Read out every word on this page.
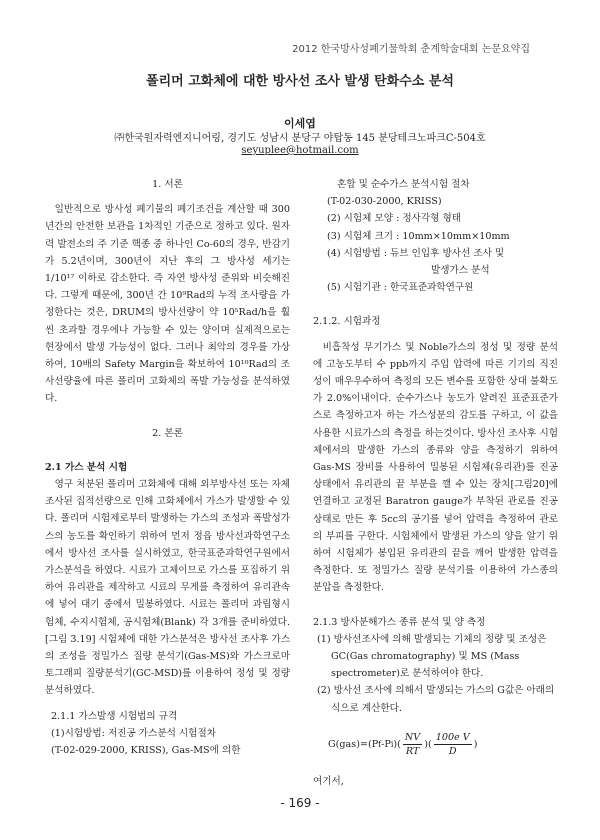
2012 한국방사성폐기물학회 춘계학술대회 논문요약집
폴리머 고화체에 대한 방사선 조사 발생 탄화수소 분석
이세엽
㈜한국원자력엔지니어링, 경기도 성남시 분당구 야탑동 145 분당테크노파크C-504호
seyuplee@hotmail.com

1. 서론

일반적으로 방사성 폐기물의 폐기조건을 계산할 때 300년간의 안전한 보관을 1차적인 기준으로 정하고 있다. 원자력 발전소의 주 기준 핵종 중 하나인 Co-60의 경우, 반감기가 5.2년이며, 300년이 지난 후의 그 방사성 세기는 1/10¹⁷ 이하로 감소한다. 즉 자연 방사성 준위와 비슷해진다. 그렇게 때문에, 300년 간 10⁹Rad의 누적 조사량을 가정한다는 것은, DRUM의 방사선량이 약 10⁵Rad/h을 훨씬 초과할 경우에나 가능할 수 있는 양이며 실제적으로는 현장에서 발생 가능성이 없다. 그러나 최악의 경우를 가상하여, 10배의 Safety Margin을 확보하여 10¹⁰Rad의 조사선량율에 따른 폴리머 고화체의 폭발 가능성을 분석하였다.

2. 본론

2.1 가스 분석 시험

영구 처분된 폴리머 고화체에 대해 외부방사선 또는 자체 조사된 집적선량으로 인해 고화체에서 가스가 발생할 수 있다. 폴리머 시험제로부터 발생하는 가스의 조성과 폭발성가스의 농도를 확인하기 위하여 먼저 정읍 방사선과학연구소에서 방사선 조사를 실시하였고, 한국표준과학연구원에서 가스분석을 하였다. 시료가 고체이므로 가스를 포집하기 위하여 유리관을 제작하고 시료의 무게를 측정하여 유리관속에 넣어 대기 중에서 밀봉하였다. 시료는 폴리머 과립형시험체, 수지시험체, 공시험체(Blank) 각 3개를 준비하였다.[그림 3.19] 시험체에 대한 가스분석은 방사선 조사후 가스의 조성을 정밀가스 질량 분석기(Gas-MS)와 가스크로마토그래피 질량분석기(GC-MSD)를 이용하여 정성 및 정량 분석하였다.

2.1.1 가스발생 시험법의 규격

(1)시험방법: 저진공 가스분석 시험절차

(T-02-029-2000, KRISS), Gas-MS에 의한

혼합 및 순수가스 분석시험 절차

(T-02-030-2000, KRISS)

(2) 시험체 모양 : 정사각형 형태

(3) 시험체 크기 : 10mm×10mm×10mm

(4) 시험방법 : 듀브 인입후 방사선 조사 및

발생가스 분석

(5) 시험기관 : 한국표준과학연구원

2.1.2. 시험과정

비흡착성 무기가스 및 Noble가스의 정성 및 정량 분석에 고농도부터 수 ppb까지 주입 압력에 따른 기기의 직진성이 매우우수하여 측정의 모든 변수를 포함한 상대 불확도가 2.0%이내이다. 순수가스나 농도가 알려진 표준표준가스로 측정하고자 하는 가스성분의 감도를 구하고, 이 값을 사용한 시료가스의 측정을 하는것이다. 방사선 조사후 시험체에서의 발생한 가스의 종류와 양을 측정하기 위하여 Gas-MS 장비를 사용하여 밀봉된 시험체(유리관)를 진공상태에서 유리관의 끝 부분을 깰 수 있는 장치[그림20]에 연결하고 교정된 Baratron gauge가 부착된 관로를 진공상태로 만든 후 5cc의 공기를 넣어 압력을 측정하여 관로의 부피를 구한다. 시험체에서 발생된 가스의 양을 알기 위하여 시험체가 봉입된 유리관의 끝을 깨어 발생한 압력을 측정한다. 또 정밀가스 질량 분석기를 이용하여 가스종의 분압을 측정한다.

2.1.3 방사분해가스 종류 분석 및 양 측정

(1) 방사선조사에 의해 발생되는 기체의 정량 및 조성은 GC(Gas chromatography) 및 MS (Mass spectrometer)로 분석하여야 한다.

(2) 방사선 조사에 의해서 발생되는 가스의 G값은 아래의 식으로 계산한다.

G(gas)=(P f -P i )( $\frac{NV}{RT}$ )( $\frac{\text{100e V}}{D}$ )

여기서,

- 169 -
